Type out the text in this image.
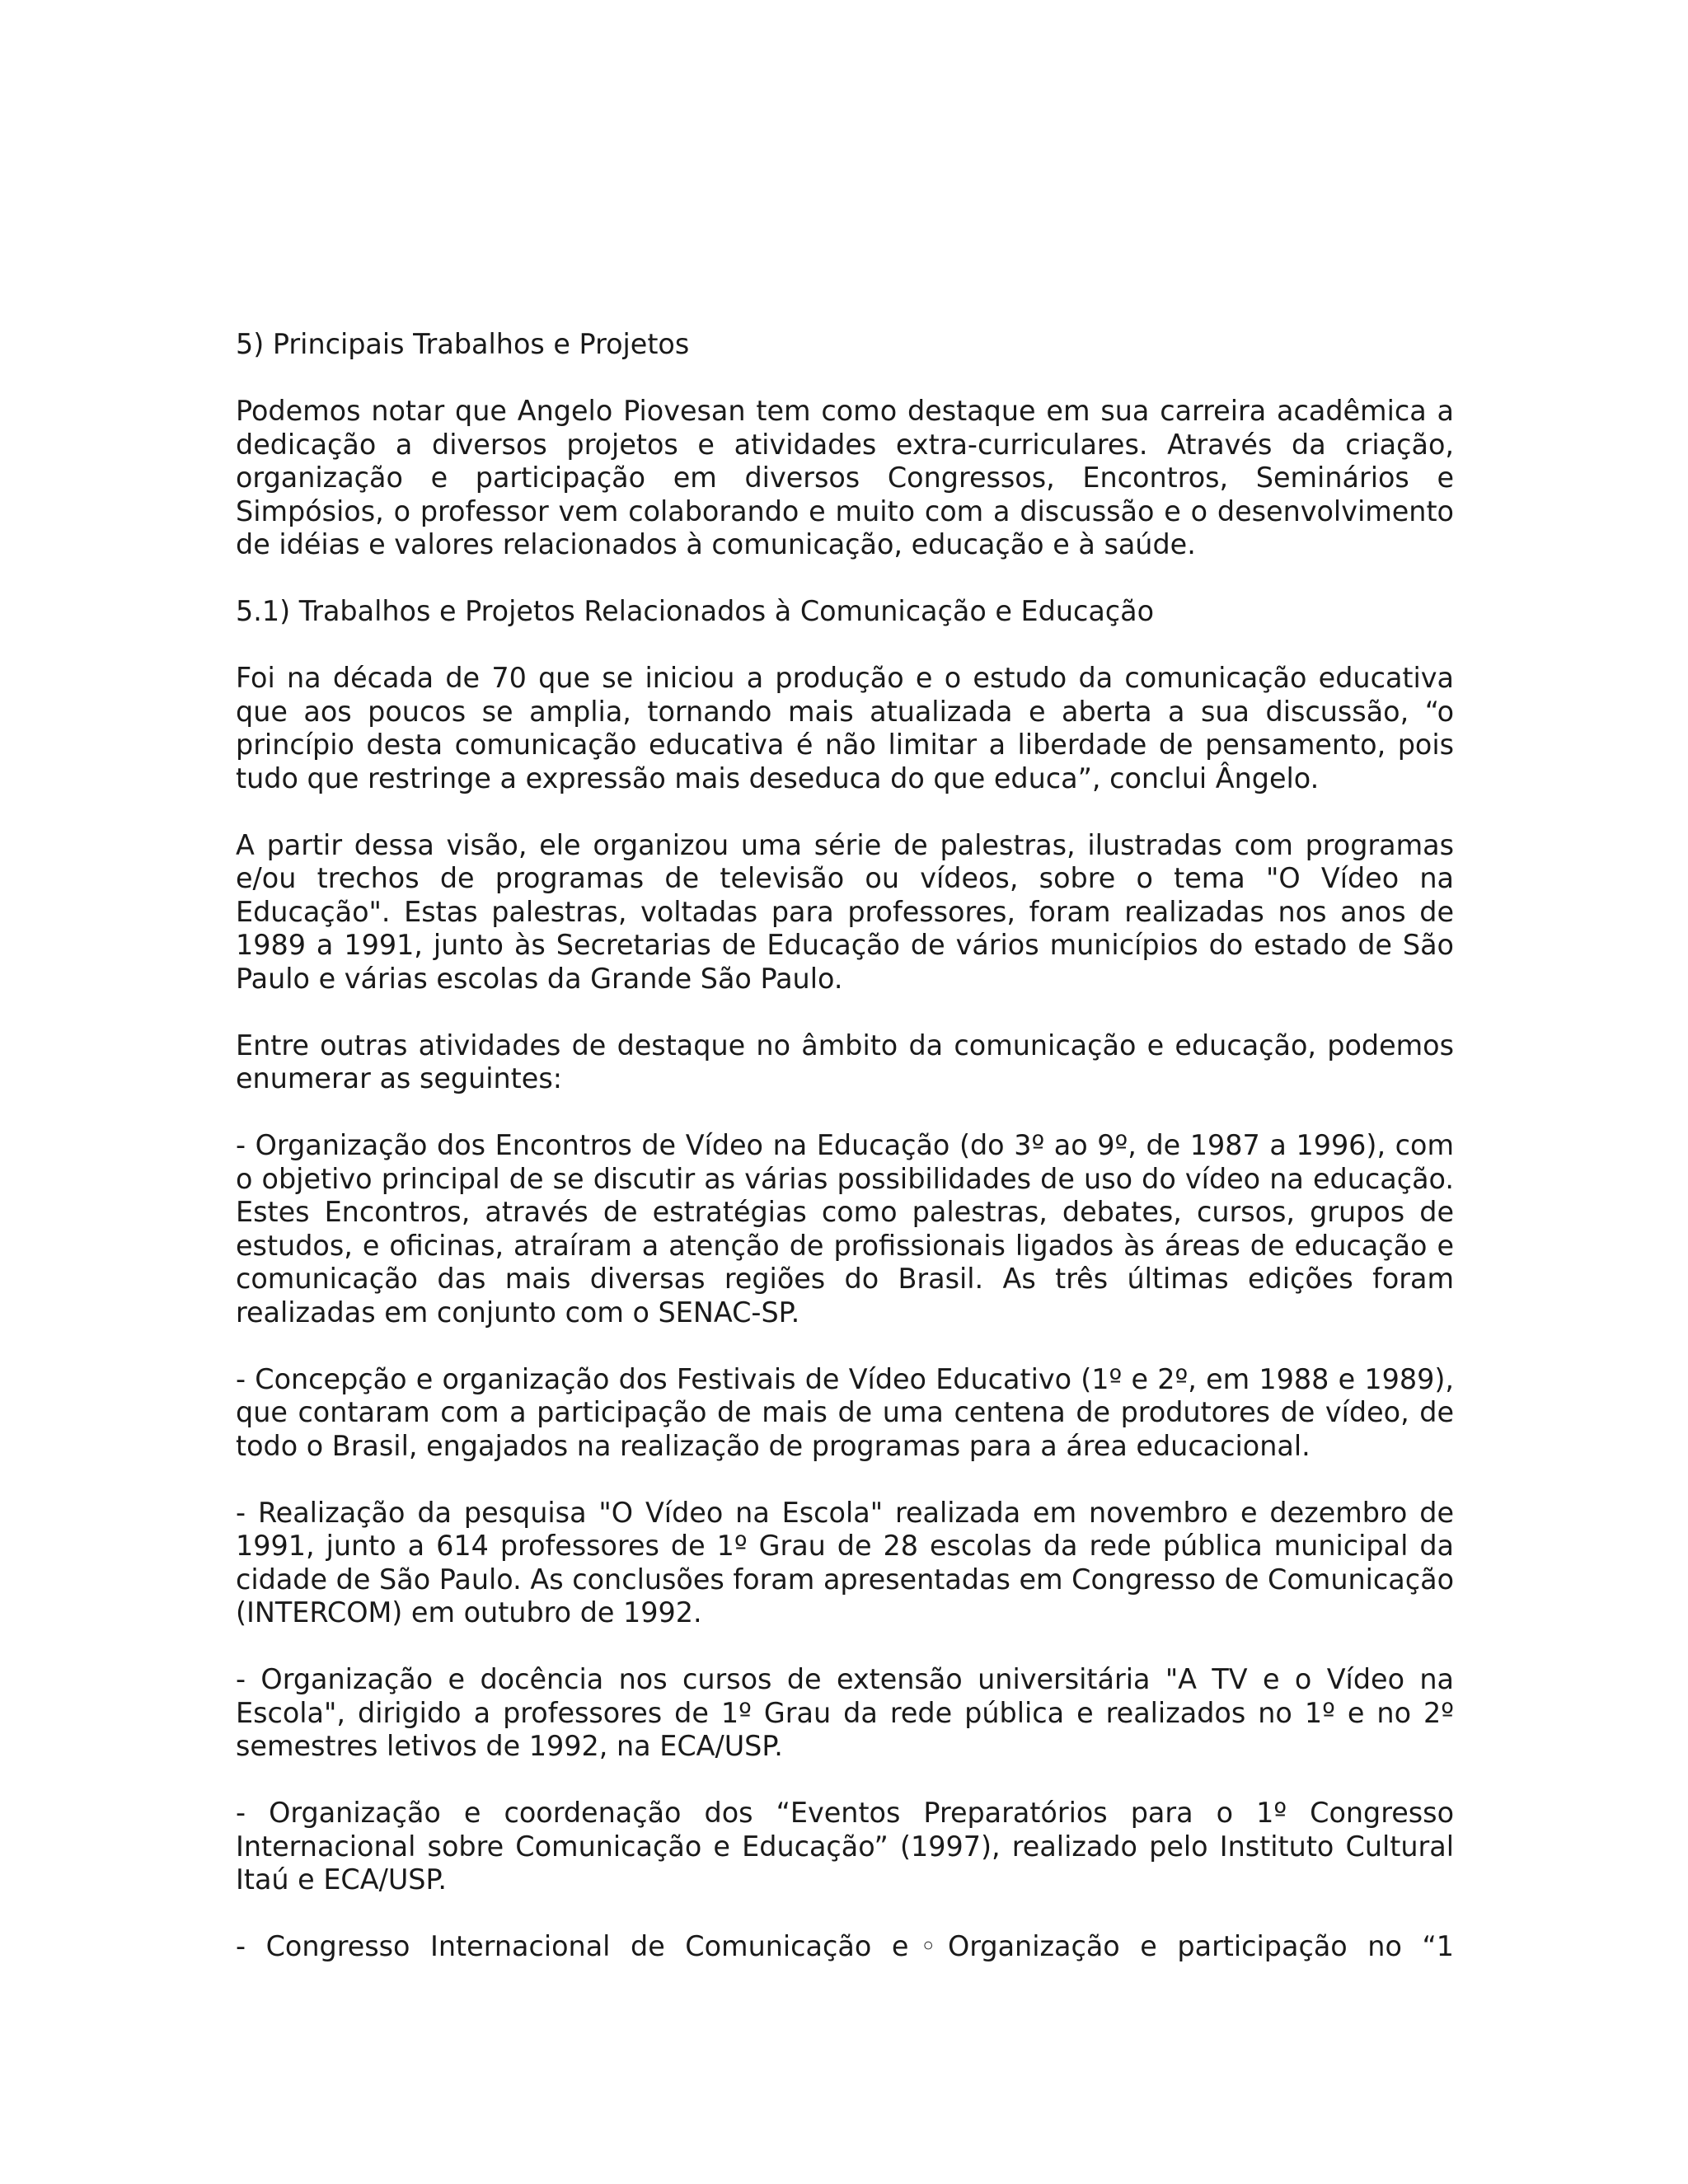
5) Principais Trabalhos e Projetos

Podemos notar que Angelo Piovesan tem como destaque em sua carreira acadêmica a dedicação a diversos projetos e atividades extra-curriculares. Através da criação, organização e participação em diversos Congressos, Encontros, Seminários e Simpósios, o professor vem colaborando e muito com a discussão e o desenvolvimento de idéias e valores relacionados à comunicação, educação e à saúde.

5.1) Trabalhos e Projetos Relacionados à Comunicação e Educação

Foi na década de 70 que se iniciou a produção e o estudo da comunicação educativa que aos poucos se amplia, tornando mais atualizada e aberta a sua discussão, “o princípio desta comunicação educativa é não limitar a liberdade de pensamento, pois tudo que restringe a expressão mais deseduca do que educa”, conclui Ângelo.

A partir dessa visão, ele organizou uma série de palestras, ilustradas com programas e/ou trechos de programas de televisão ou vídeos, sobre o tema "O Vídeo na Educação". Estas palestras, voltadas para professores, foram realizadas nos anos de 1989 a 1991, junto às Secretarias de Educação de vários municípios do estado de São Paulo e várias escolas da Grande São Paulo.

Entre outras atividades de destaque no âmbito da comunicação e educação, podemos enumerar as seguintes:

- Organização dos Encontros de Vídeo na Educação (do 3º ao 9º, de 1987 a 1996), com o objetivo principal de se discutir as várias possibilidades de uso do vídeo na educação. Estes Encontros, através de estratégias como palestras, debates, cursos, grupos de estudos, e oficinas, atraíram a atenção de profissionais ligados às áreas de educação e comunicação das mais diversas regiões do Brasil. As três últimas edições foram realizadas em conjunto com o SENAC-SP.

- Concepção e organização dos Festivais de Vídeo Educativo (1º e 2º, em 1988 e 1989), que contaram com a participação de mais de uma centena de produtores de vídeo, de todo o Brasil, engajados na realização de programas para a área educacional.

- Realização da pesquisa "O Vídeo na Escola" realizada em novembro e dezembro de 1991, junto a 614 professores de 1º Grau de 28 escolas da rede pública municipal da cidade de São Paulo. As conclusões foram apresentadas em Congresso de Comunicação (INTERCOM) em outubro de 1992.

- Organização e docência nos cursos de extensão universitária "A TV e o Vídeo na Escola", dirigido a professores de 1º Grau da rede pública e realizados no 1º e no 2º semestres letivos de 1992, na ECA/USP.

- Organização e coordenação dos “Eventos Preparatórios para o 1º Congresso Internacional sobre Comunicação e Educação” (1997), realizado pelo Instituto Cultural Itaú e ECA/USP.

- Congresso Internacional de Comunicação e◦Organização e participação no “1
